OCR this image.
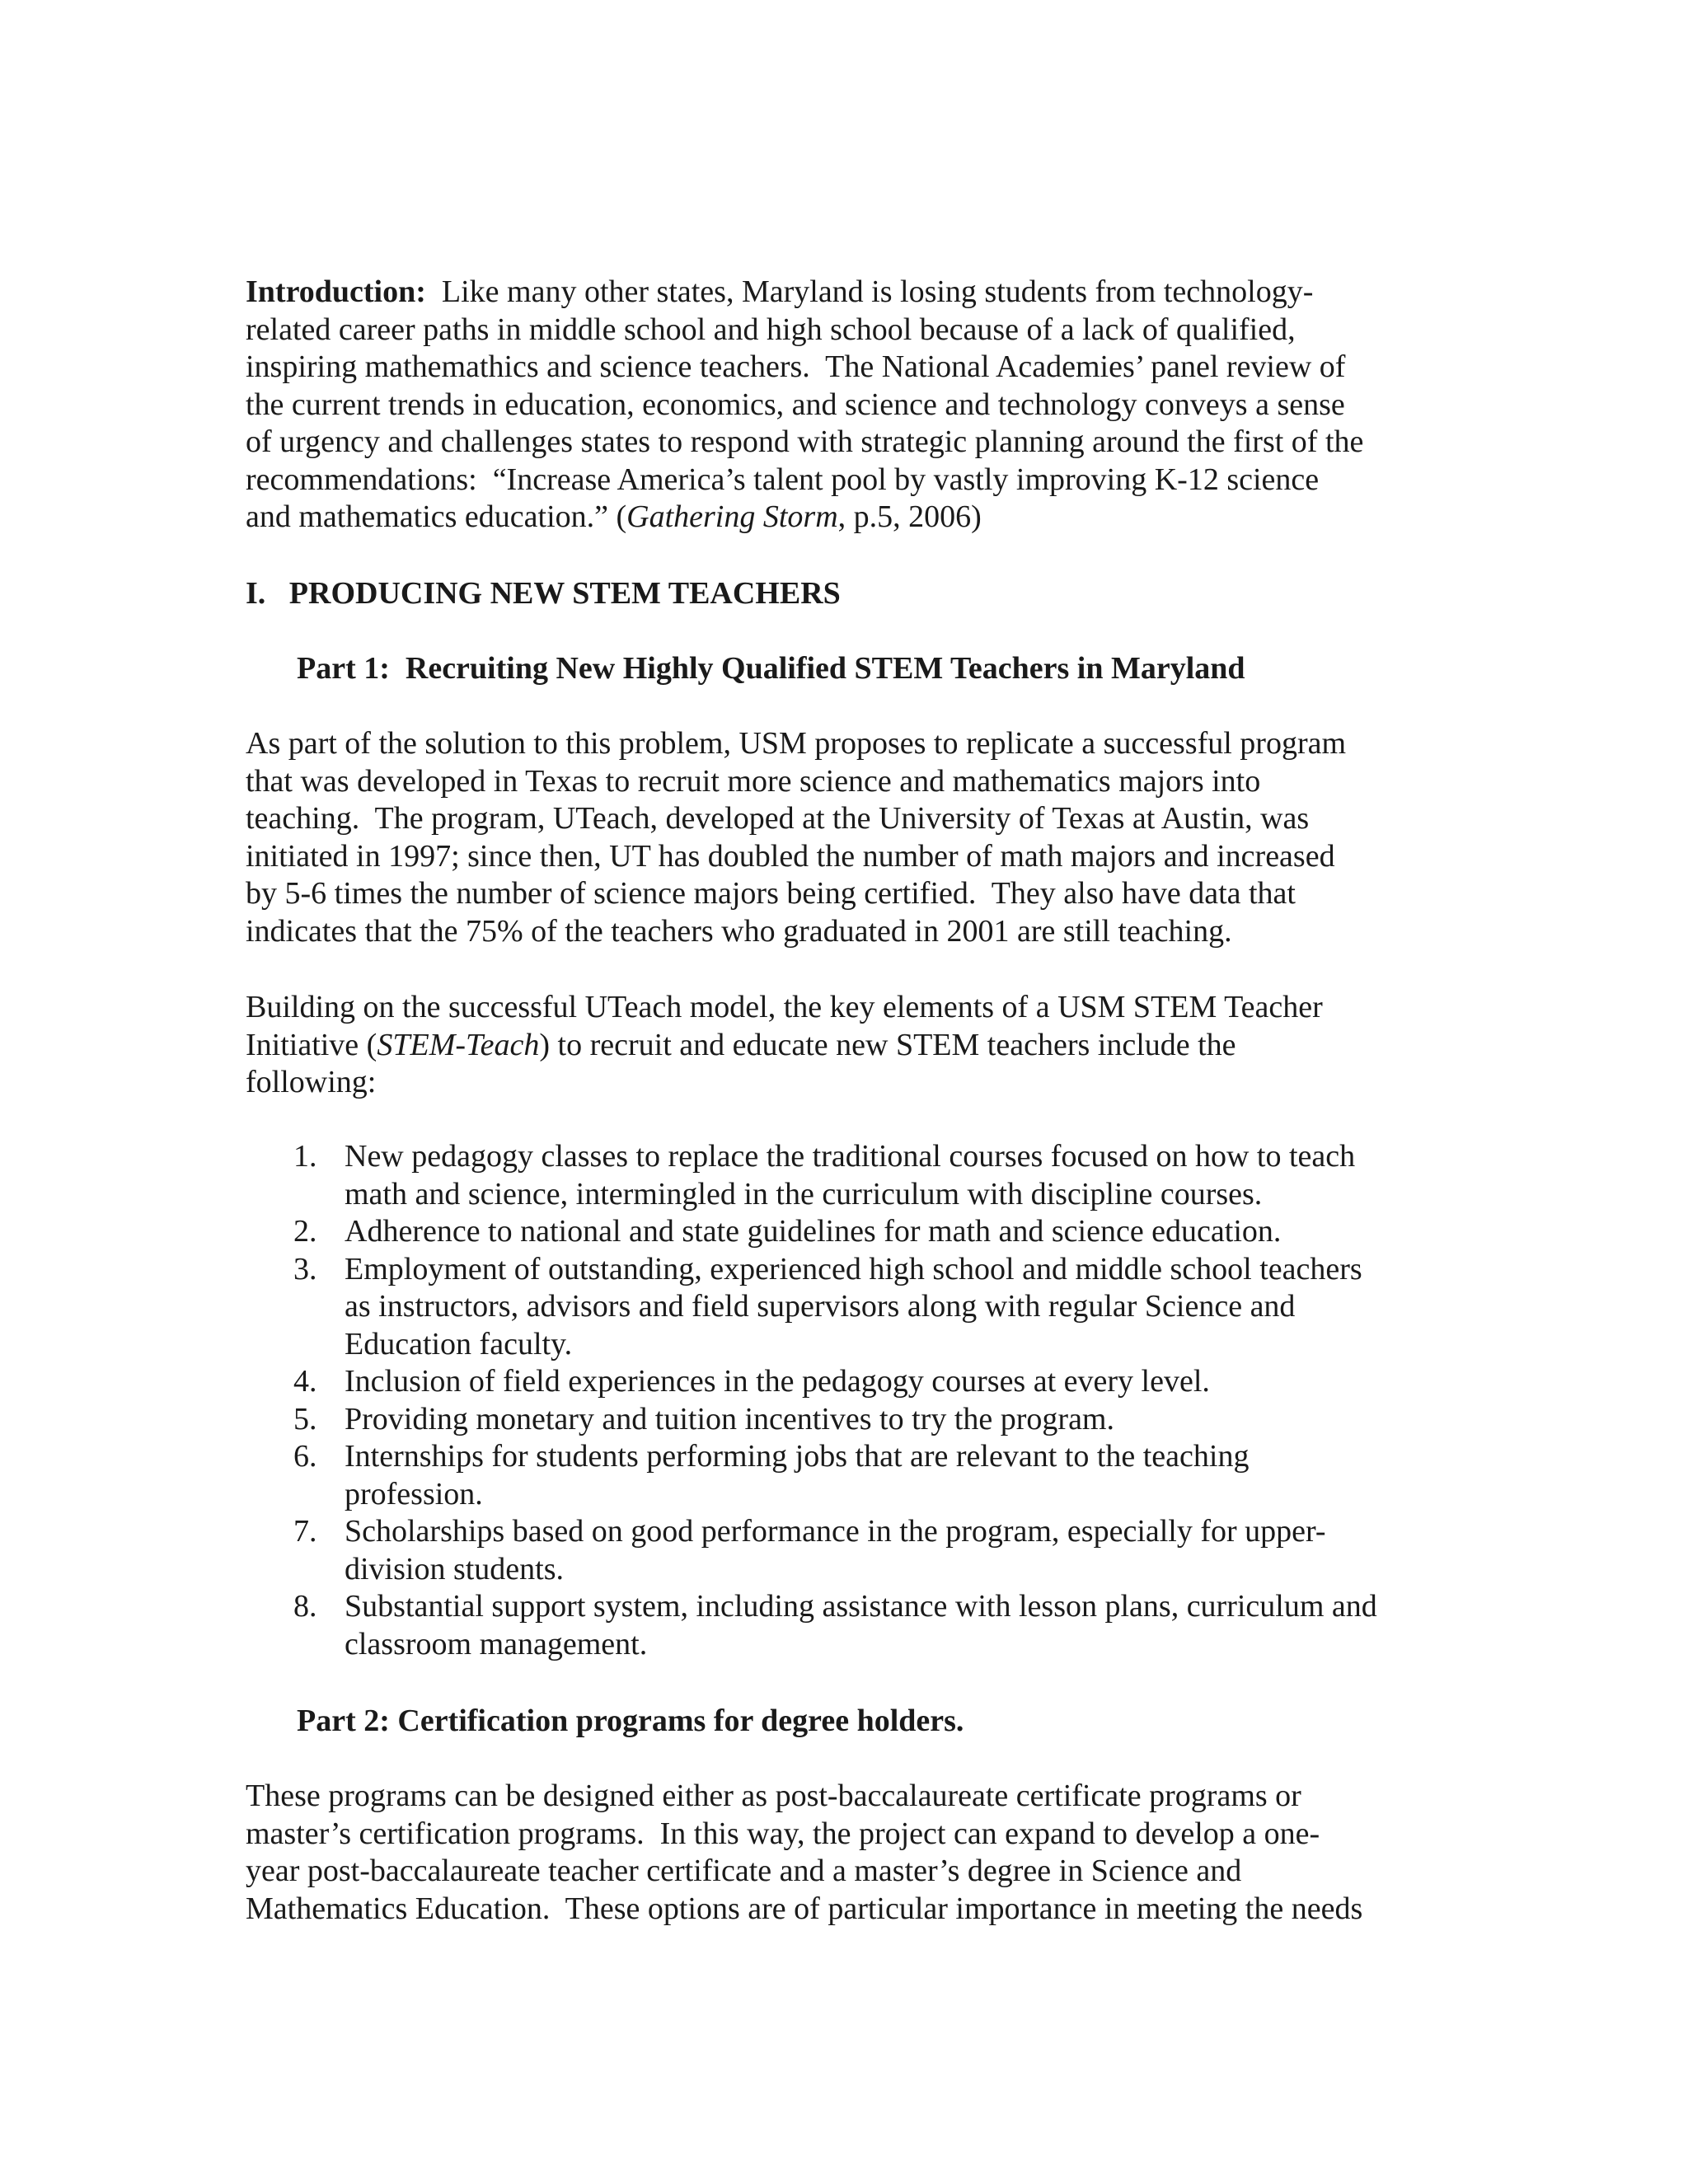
Introduction:  Like many other states, Maryland is losing students from technology-
related career paths in middle school and high school because of a lack of qualified,
inspiring mathemathics and science teachers.  The National Academies’ panel review of
the current trends in education, economics, and science and technology conveys a sense
of urgency and challenges states to respond with strategic planning around the first of the
recommendations:  “Increase America’s talent pool by vastly improving K-12 science
and mathematics education.” (Gathering Storm, p.5, 2006)
I.   PRODUCING NEW STEM TEACHERS
Part 1:  Recruiting New Highly Qualified STEM Teachers in Maryland
As part of the solution to this problem, USM proposes to replicate a successful program
that was developed in Texas to recruit more science and mathematics majors into
teaching.  The program, UTeach, developed at the University of Texas at Austin, was
initiated in 1997; since then, UT has doubled the number of math majors and increased
by 5-6 times the number of science majors being certified.  They also have data that
indicates that the 75% of the teachers who graduated in 2001 are still teaching.
Building on the successful UTeach model, the key elements of a USM STEM Teacher
Initiative (STEM-Teach) to recruit and educate new STEM teachers include the
following:
1. New pedagogy classes to replace the traditional courses focused on how to teach
math and science, intermingled in the curriculum with discipline courses.
2. Adherence to national and state guidelines for math and science education.
3. Employment of outstanding, experienced high school and middle school teachers
as instructors, advisors and field supervisors along with regular Science and
Education faculty.
4. Inclusion of field experiences in the pedagogy courses at every level.
5. Providing monetary and tuition incentives to try the program.
6. Internships for students performing jobs that are relevant to the teaching
profession.
7. Scholarships based on good performance in the program, especially for upper-
division students.
8. Substantial support system, including assistance with lesson plans, curriculum and
classroom management.
Part 2: Certification programs for degree holders.
These programs can be designed either as post-baccalaureate certificate programs or
master’s certification programs.  In this way, the project can expand to develop a one-
year post-baccalaureate teacher certificate and a master’s degree in Science and
Mathematics Education.  These options are of particular importance in meeting the needs
